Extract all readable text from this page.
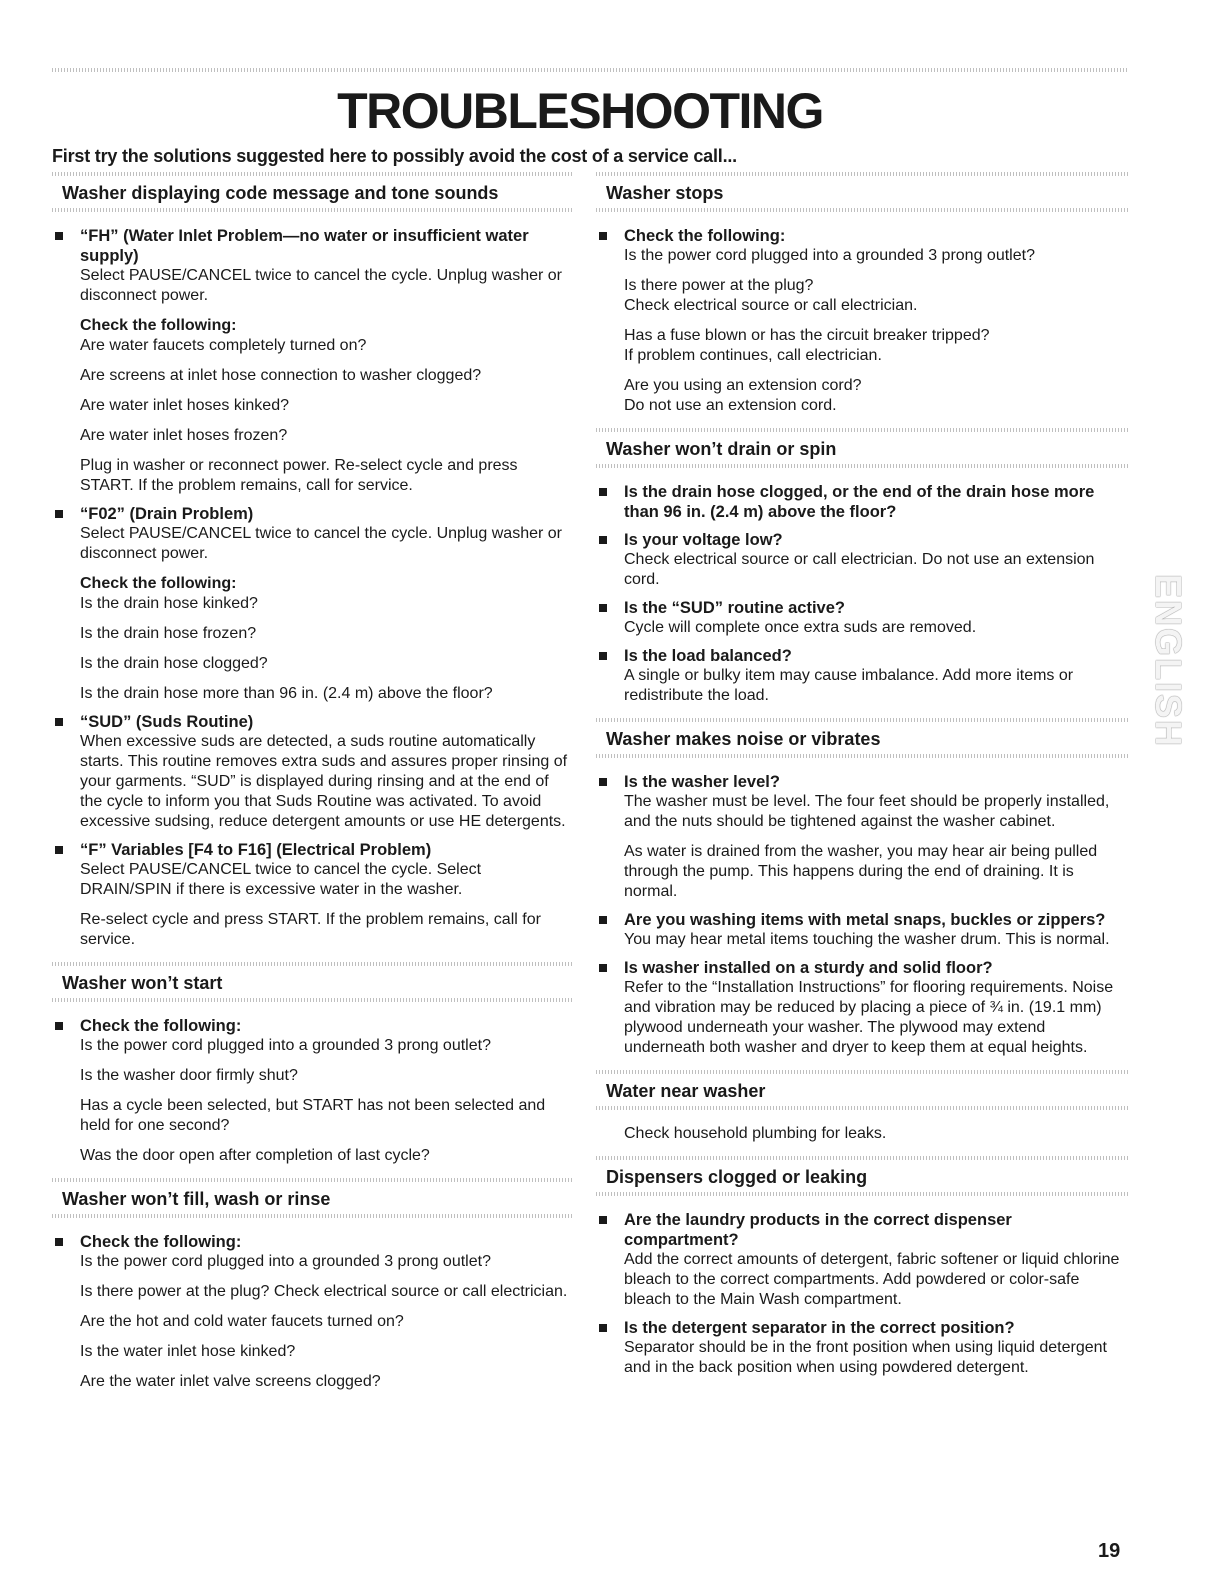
TROUBLESHOOTING
First try the solutions suggested here to possibly avoid the cost of a service call...
Washer displaying code message and tone sounds
“FH” (Water Inlet Problem—no water or insufficient water supply)
Select PAUSE/CANCEL twice to cancel the cycle. Unplug washer or disconnect power.
Check the following:
Are water faucets completely turned on?
Are screens at inlet hose connection to washer clogged?
Are water inlet hoses kinked?
Are water inlet hoses frozen?
Plug in washer or reconnect power. Re-select cycle and press START. If the problem remains, call for service.
“F02” (Drain Problem)
Select PAUSE/CANCEL twice to cancel the cycle. Unplug washer or disconnect power.
Check the following:
Is the drain hose kinked?
Is the drain hose frozen?
Is the drain hose clogged?
Is the drain hose more than 96 in. (2.4 m) above the floor?
“SUD” (Suds Routine)
When excessive suds are detected, a suds routine automatically starts. This routine removes extra suds and assures proper rinsing of your garments. “SUD” is displayed during rinsing and at the end of the cycle to inform you that Suds Routine was activated. To avoid excessive sudsing, reduce detergent amounts or use HE detergents.
“F” Variables [F4 to F16] (Electrical Problem)
Select PAUSE/CANCEL twice to cancel the cycle. Select DRAIN/SPIN if there is excessive water in the washer.
Re-select cycle and press START. If the problem remains, call for service.
Washer won’t start
Check the following:
Is the power cord plugged into a grounded 3 prong outlet?
Is the washer door firmly shut?
Has a cycle been selected, but START has not been selected and held for one second?
Was the door open after completion of last cycle?
Washer won’t fill, wash or rinse
Check the following:
Is the power cord plugged into a grounded 3 prong outlet?
Is there power at the plug? Check electrical source or call electrician.
Are the hot and cold water faucets turned on?
Is the water inlet hose kinked?
Are the water inlet valve screens clogged?
Washer stops
Check the following:
Is the power cord plugged into a grounded 3 prong outlet?
Is there power at the plug?
Check electrical source or call electrician.
Has a fuse blown or has the circuit breaker tripped?
If problem continues, call electrician.
Are you using an extension cord?
Do not use an extension cord.
Washer won’t drain or spin
Is the drain hose clogged, or the end of the drain hose more than 96 in. (2.4 m) above the floor?
Is your voltage low?
Check electrical source or call electrician. Do not use an extension cord.
Is the “SUD” routine active?
Cycle will complete once extra suds are removed.
Is the load balanced?
A single or bulky item may cause imbalance. Add more items or redistribute the load.
Washer makes noise or vibrates
Is the washer level?
The washer must be level. The four feet should be properly installed, and the nuts should be tightened against the washer cabinet.
As water is drained from the washer, you may hear air being pulled through the pump. This happens during the end of draining. It is normal.
Are you washing items with metal snaps, buckles or zippers?
You may hear metal items touching the washer drum. This is normal.
Is washer installed on a sturdy and solid floor?
Refer to the “Installation Instructions” for flooring requirements. Noise and vibration may be reduced by placing a piece of ¾ in. (19.1 mm) plywood underneath your washer. The plywood may extend underneath both washer and dryer to keep them at equal heights.
Water near washer
Check household plumbing for leaks.
Dispensers clogged or leaking
Are the laundry products in the correct dispenser compartment?
Add the correct amounts of detergent, fabric softener or liquid chlorine bleach to the correct compartments. Add powdered or color-safe bleach to the Main Wash compartment.
Is the detergent separator in the correct position?
Separator should be in the front position when using liquid detergent and in the back position when using powdered detergent.
ENGLISH
19
